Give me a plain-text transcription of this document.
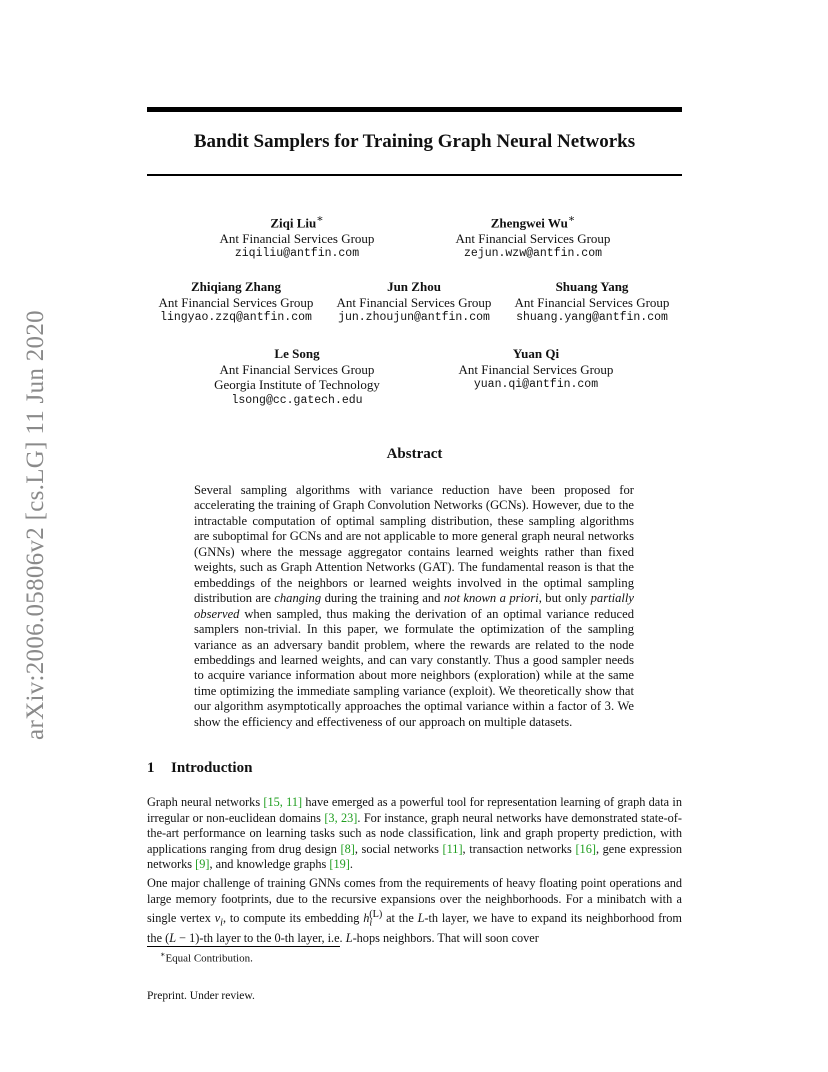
arXiv:2006.05806v2 [cs.LG] 11 Jun 2020
Bandit Samplers for Training Graph Neural Networks
Ziqi Liu∗
Ant Financial Services Group
ziqiliu@antfin.com
Zhengwei Wu∗
Ant Financial Services Group
zejun.wzw@antfin.com
Zhiqiang Zhang
Ant Financial Services Group
lingyao.zzq@antfin.com
Jun Zhou
Ant Financial Services Group
jun.zhoujun@antfin.com
Shuang Yang
Ant Financial Services Group
shuang.yang@antfin.com
Le Song
Ant Financial Services Group
Georgia Institute of Technology
lsong@cc.gatech.edu
Yuan Qi
Ant Financial Services Group
yuan.qi@antfin.com
Abstract

Several sampling algorithms with variance reduction have been proposed for accelerating the training of Graph Convolution Networks (GCNs). However, due to the intractable computation of optimal sampling distribution, these sampling algorithms are suboptimal for GCNs and are not applicable to more general graph neural networks (GNNs) where the message aggregator contains learned weights rather than fixed weights, such as Graph Attention Networks (GAT). The fundamental reason is that the embeddings of the neighbors or learned weights involved in the optimal sampling distribution are changing during the training and not known a priori, but only partially observed when sampled, thus making the derivation of an optimal variance reduced samplers non-trivial. In this paper, we formulate the optimization of the sampling variance as an adversary bandit problem, where the rewards are related to the node embeddings and learned weights, and can vary constantly. Thus a good sampler needs to acquire variance information about more neighbors (exploration) while at the same time optimizing the immediate sampling variance (exploit). We theoretically show that our algorithm asymptotically approaches the optimal variance within a factor of 3. We show the efficiency and effectiveness of our approach on multiple datasets.

1 Introduction

Graph neural networks [15, 11] have emerged as a powerful tool for representation learning of graph data in irregular or non-euclidean domains [3, 23]. For instance, graph neural networks have demonstrated state-of-the-art performance on learning tasks such as node classification, link and graph property prediction, with applications ranging from drug design [8], social networks [11], transaction networks [16], gene expression networks [9], and knowledge graphs [19].

One major challenge of training GNNs comes from the requirements of heavy floating point operations and large memory footprints, due to the recursive expansions over the neighborhoods. For a minibatch with a single vertex $v_i$, to compute its embedding $h_i^{(L)}$ at the L-th layer, we have to expand its neighborhood from the (L − 1)-th layer to the 0-th layer, i.e. L-hops neighbors. That will soon cover

∗Equal Contribution.
Preprint. Under review.
